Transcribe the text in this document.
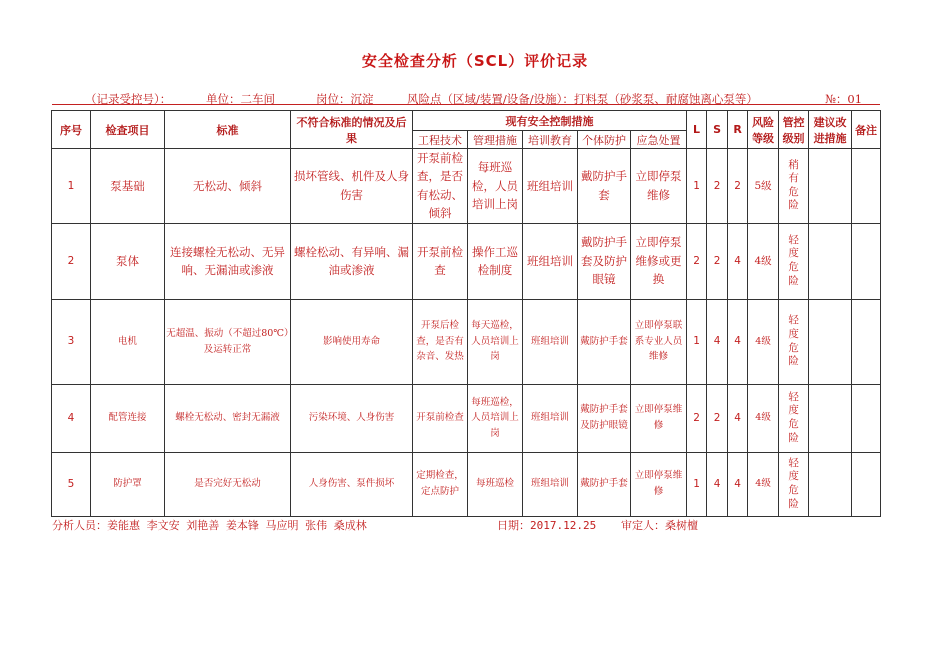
安全检查分析（SCL）评价记录
（记录受控号）：	单位：二车间	岗位：沉淀	风险点（区域/装置/设备/设施）：打料泵（砂浆泵、耐腐蚀离心泵等）	№：01
序号	检查项目	标准	不符合标准的情况及后果	现有安全控制措施					L	S	R	风险等级	管控级别	建议改进措施	备注
				工程技术	管理措施	培训教育	个体防护	应急处置							
1	泵基础	无松动、倾斜	损坏管线、机件及人身伤害	开泵前检查，是否有松动、倾斜	每班巡检，人员培训上岗	班组培训	戴防护手套	立即停泵维修	1	2	2	5级	稍有危险		
2	泵体	连接螺栓无松动、无异响、无漏油或渗液	螺栓松动、有异响、漏油或渗液	开泵前检查	操作工巡检制度	班组培训	戴防护手套及防护眼镜	立即停泵维修或更换	2	2	4	4级	轻度危险		
3	电机	无超温、振动（不超过80℃）及运转正常	影响使用寿命	开泵后检查，是否有杂音、发热	每天巡检，人员培训上岗	班组培训	戴防护手套	立即停泵联系专业人员维修	1	4	4	4级	轻度危险		
4	配管连接	螺栓无松动、密封无漏液	污染环境、人身伤害	开泵前检查	每班巡检，人员培训上岗	班组培训	戴防护手套及防护眼镜	立即停泵维修	2	2	4	4级	轻度危险		
5	防护罩	是否完好无松动	人身伤害、泵件损坏	定期检查，定点防护	每班巡检	班组培训	戴防护手套	立即停泵维修	1	4	4	4级	轻度危险		
分析人员：姜能惠 李文安 刘艳善 姜本锋 马应明 张伟 桑成林	日期：2017.12.25 审定人：桑树檀
